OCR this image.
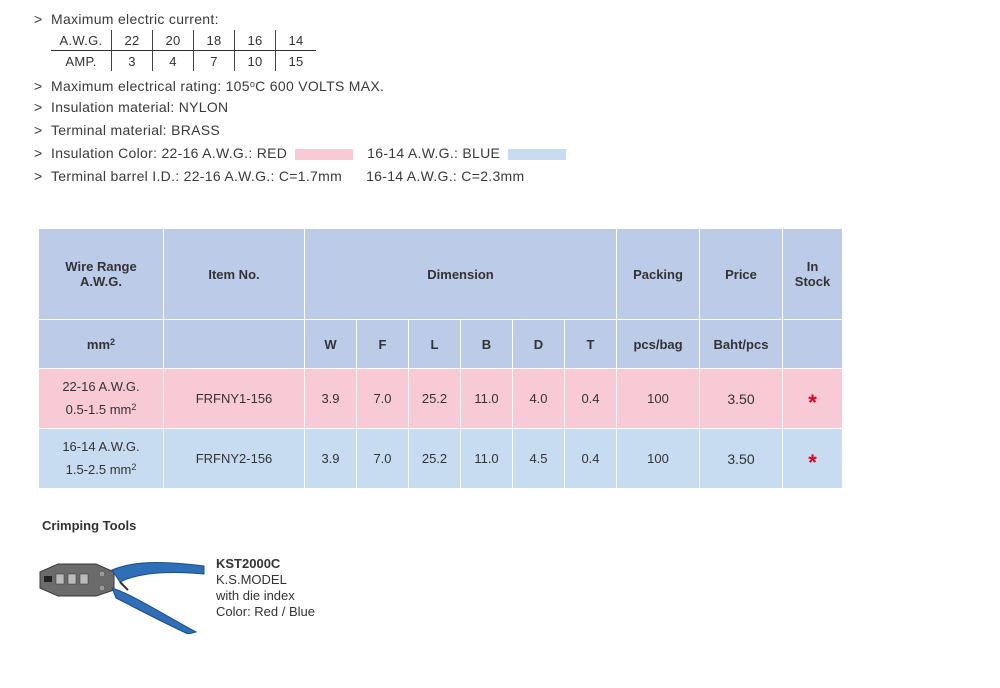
> Maximum electric current:
A.W.G.	22	20	18	16	14
AMP.	3	4	7	10	15
> Maximum electrical rating: 105$^o$C 600 VOLTS MAX.
> Insulation material: NYLON
> Terminal material: BRASS
> Insulation Color: 22-16 A.W.G.: RED	16-14 A.W.G.: BLUE
> Terminal barrel I.D.: 22-16 A.W.G.: C=1.7mm 16-14 A.W.G.: C=2.3mm
Wire Range
A.W.G.	Item No.	Dimension						Packing	Price	In
Stock
$mm^2$		W	F	L	B	D	T	pcs/bag	Baht/pcs	
22-16 A.W.G.
0.5-1.5 $mm^2$	FRFNY1-156	3.9	7.0	25.2	11.0	4.0	0.4	100	3.50	*
16-14 A.W.G.
1.5-2.5 $mm^2$	FRFNY2-156	3.9	7.0	25.2	11.0	4.5	0.4	100	3.50	*
Crimping Tools
KST2000C
K.S.MODEL
with die index
Color: Red / Blue
